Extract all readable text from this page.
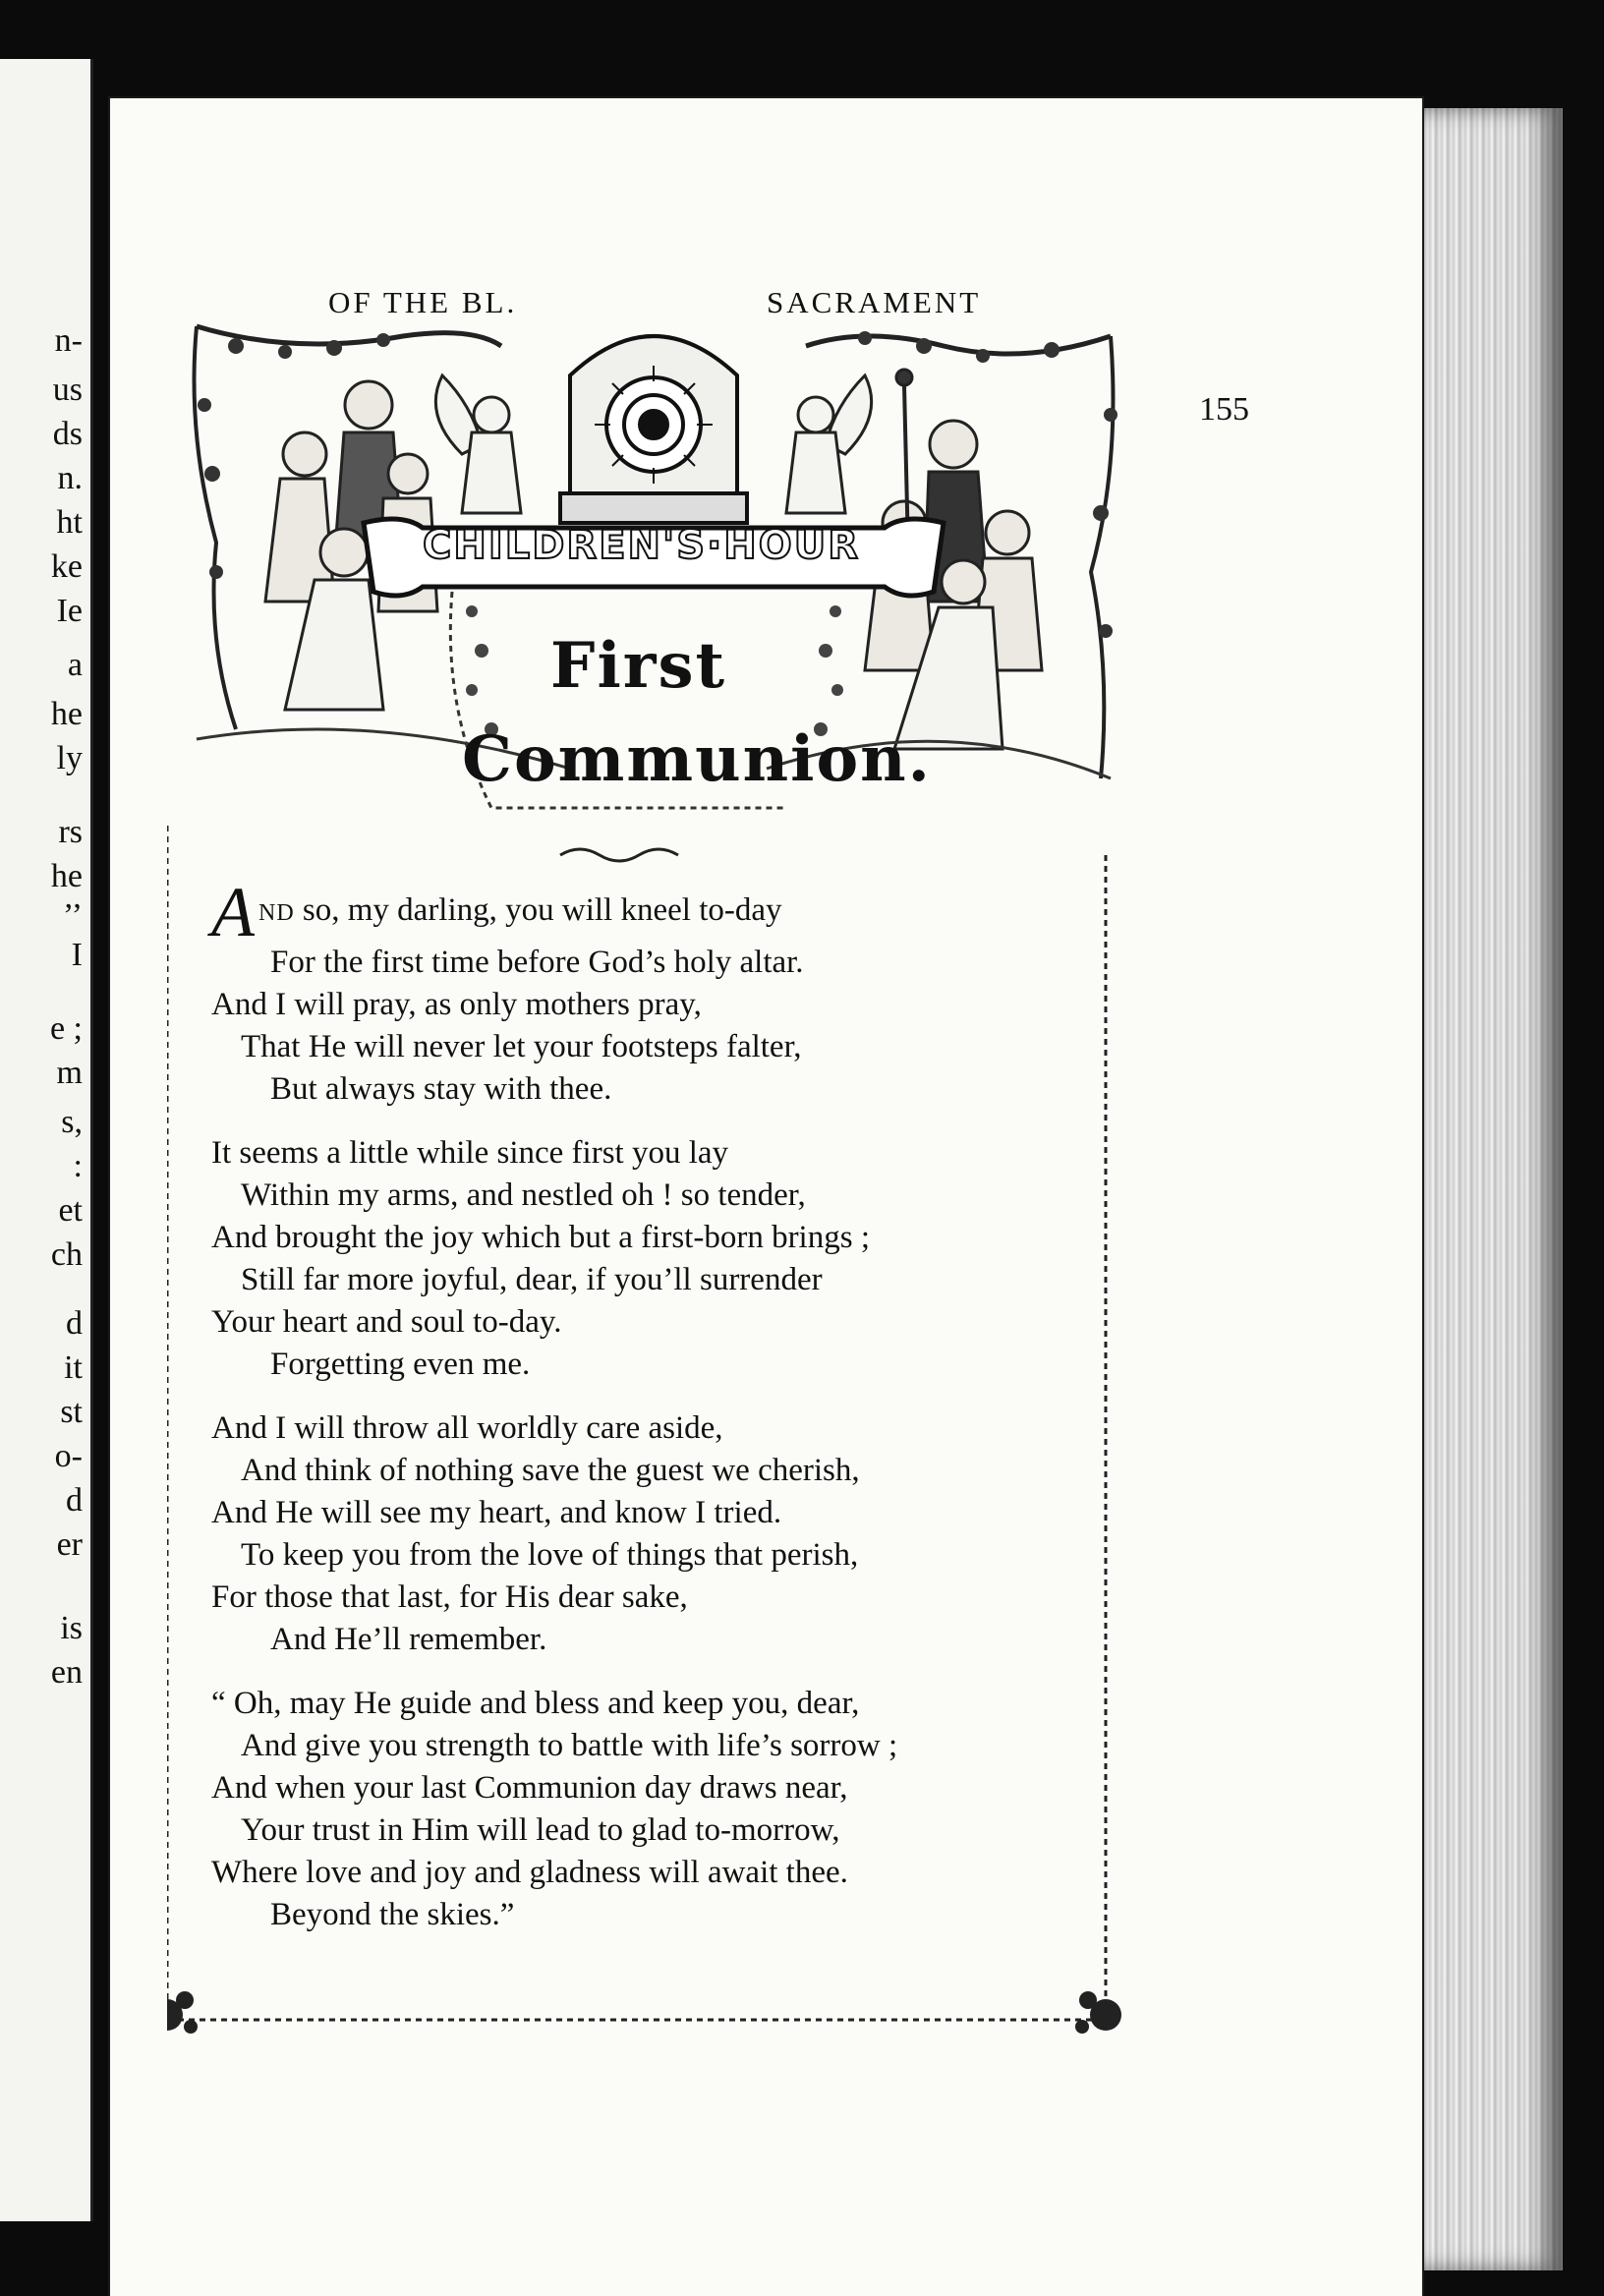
n-
us
ds
n.
ht
ke
Ie
a
he
ly
rs
he
’’
I
e ;
m
s,
:
et
ch
d
it
st
o-
d
er
is
en
OF THE BL.	SACRAMENT
155
CHILDREN'S·HOUR
First
Communion.
AND so, my darling, you will kneel to-day
For the first time before God’s holy altar.
And I will pray, as only mothers pray,
That He will never let your footsteps falter,
But always stay with thee.
It seems a little while since first you lay
Within my arms, and nestled oh ! so tender,
And brought the joy which but a first-born brings ;
Still far more joyful, dear, if you’ll surrender
Your heart and soul to-day.
Forgetting even me.
And I will throw all worldly care aside,
And think of nothing save the guest we cherish,
And He will see my heart, and know I tried.
To keep you from the love of things that perish,
For those that last, for His dear sake,
And He’ll remember.
“ Oh, may He guide and bless and keep you, dear,
And give you strength to battle with life’s sorrow ;
And when your last Communion day draws near,
Your trust in Him will lead to glad to-morrow,
Where love and joy and gladness will await thee.
Beyond the skies.”
